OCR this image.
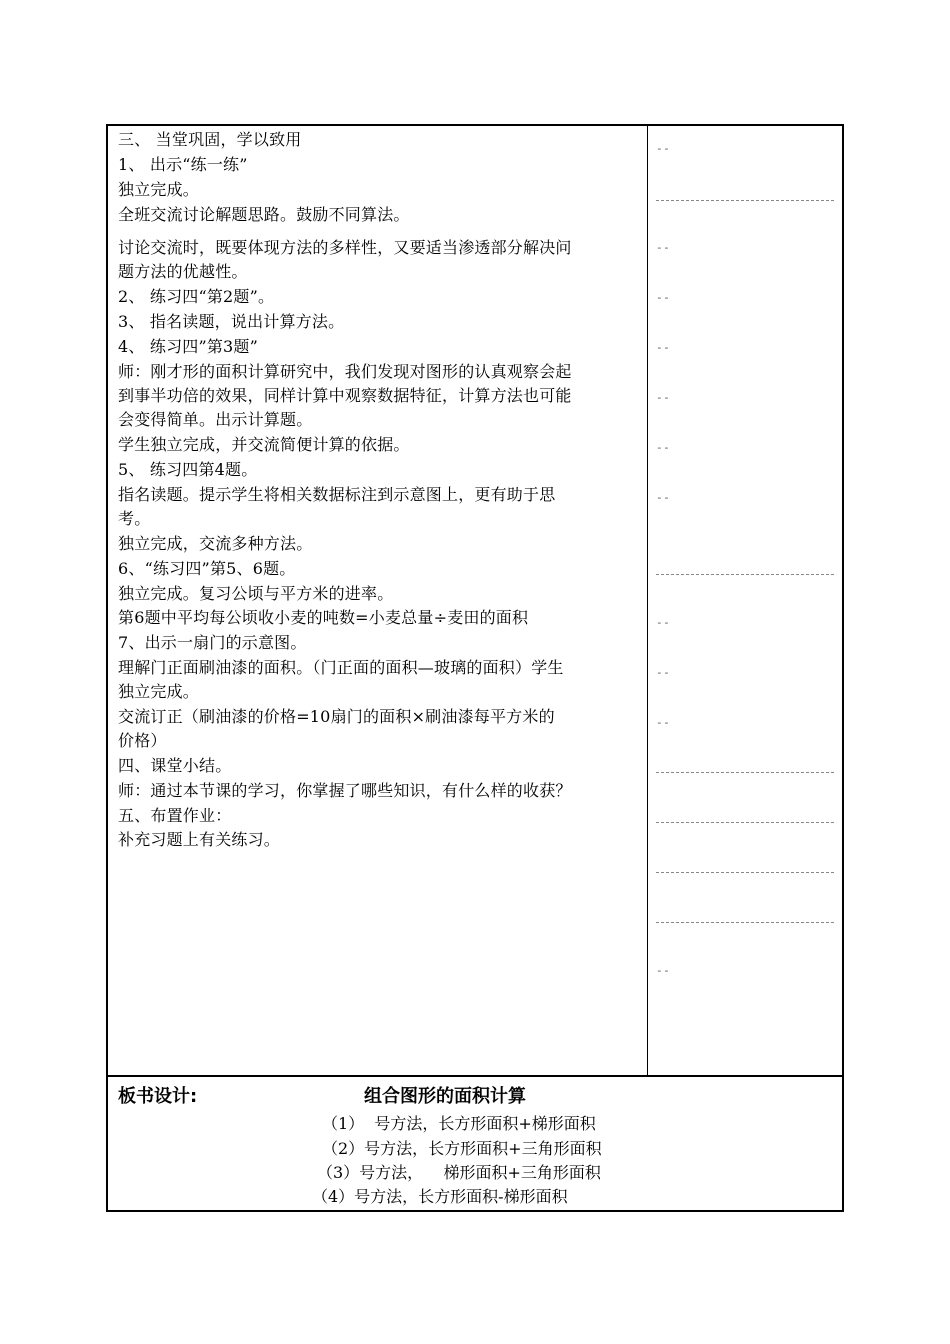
三、 当堂巩固，学以致用
1、 出示“练一练”
独立完成。
全班交流讨论解题思路。鼓励不同算法。
讨论交流时，既要体现方法的多样性，又要适当渗透部分解决问
题方法的优越性。
2、 练习四“第2题”。
3、 指名读题，说出计算方法。
4、 练习四”第3题”
师：刚才形的面积计算研究中，我们发现对图形的认真观察会起
到事半功倍的效果，同样计算中观察数据特征，计算方法也可能
会变得简单。出示计算题。
学生独立完成，并交流简便计算的依据。
5、 练习四第4题。
指名读题。提示学生将相关数据标注到示意图上，更有助于思
考。
独立完成，交流多种方法。
6、“练习四”第5、6题。
独立完成。复习公顷与平方米的进率。
第6题中平均每公顷收小麦的吨数=小麦总量÷麦田的面积
7、出示一扇门的示意图。
理解门正面刷油漆的面积。（门正面的面积—玻璃的面积）学生
独立完成。
交流订正（刷油漆的价格=10扇门的面积×刷油漆每平方米的
价格）
四、课堂小结。
师：通过本节课的学习，你掌握了哪些知识，有什么样的收获？
五、布置作业：
补充习题上有关练习。
--
--
--
--
--
--
--
--
--
--
--
板书设计:	组合图形的面积计算
（1）  号方法，长方形面积+梯形面积
（2）号方法，长方形面积+三角形面积
（3）号方法，    梯形面积+三角形面积
（4）号方法，长方形面积-梯形面积
